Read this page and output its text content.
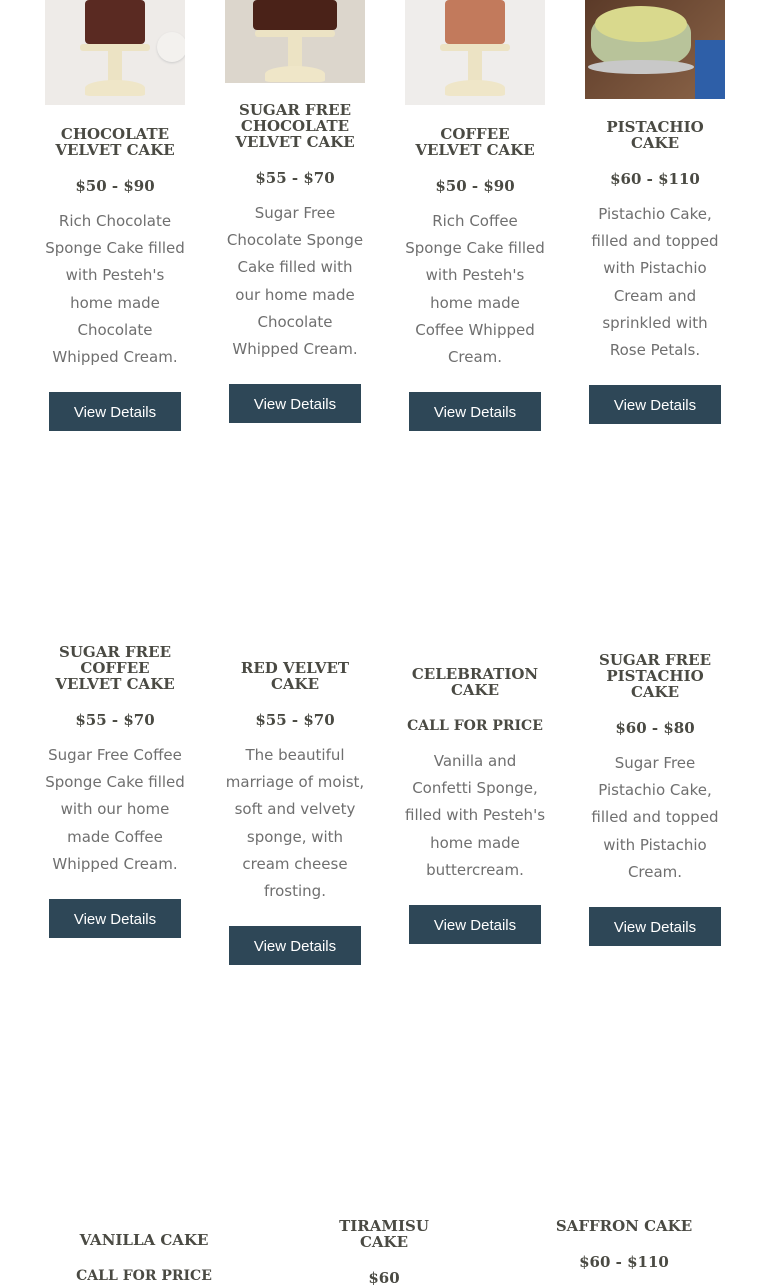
CHOCOLATE VELVET CAKE
$50 - $90
Rich Chocolate Sponge Cake filled with Pesteh's home made Chocolate Whipped Cream.
View Details
SUGAR FREE CHOCOLATE VELVET CAKE
$55 - $70
Sugar Free Chocolate Sponge Cake filled with our home made Chocolate Whipped Cream.
View Details
COFFEE VELVET CAKE
$50 - $90
Rich Coffee Sponge Cake filled with Pesteh's home made Coffee Whipped Cream.
View Details
PISTACHIO CAKE
$60 - $110
Pistachio Cake, filled and topped with Pistachio Cream and sprinkled with Rose Petals.
View Details
SUGAR FREE COFFEE VELVET CAKE
$55 - $70
Sugar Free Coffee Sponge Cake filled with our home made Coffee Whipped Cream.
View Details
RED VELVET CAKE
$55 - $70
The beautiful marriage of moist, soft and velvety sponge, with cream cheese frosting.
View Details
CELEBRATION CAKE
CALL FOR PRICE
Vanilla and Confetti Sponge, filled with Pesteh's home made buttercream.
View Details
SUGAR FREE PISTACHIO CAKE
$60 - $80
Sugar Free Pistachio Cake, filled and topped with Pistachio Cream.
View Details
VANILLA CAKE
CALL FOR PRICE
TIRAMISU CAKE
$60
SAFFRON CAKE
$60 - $110
